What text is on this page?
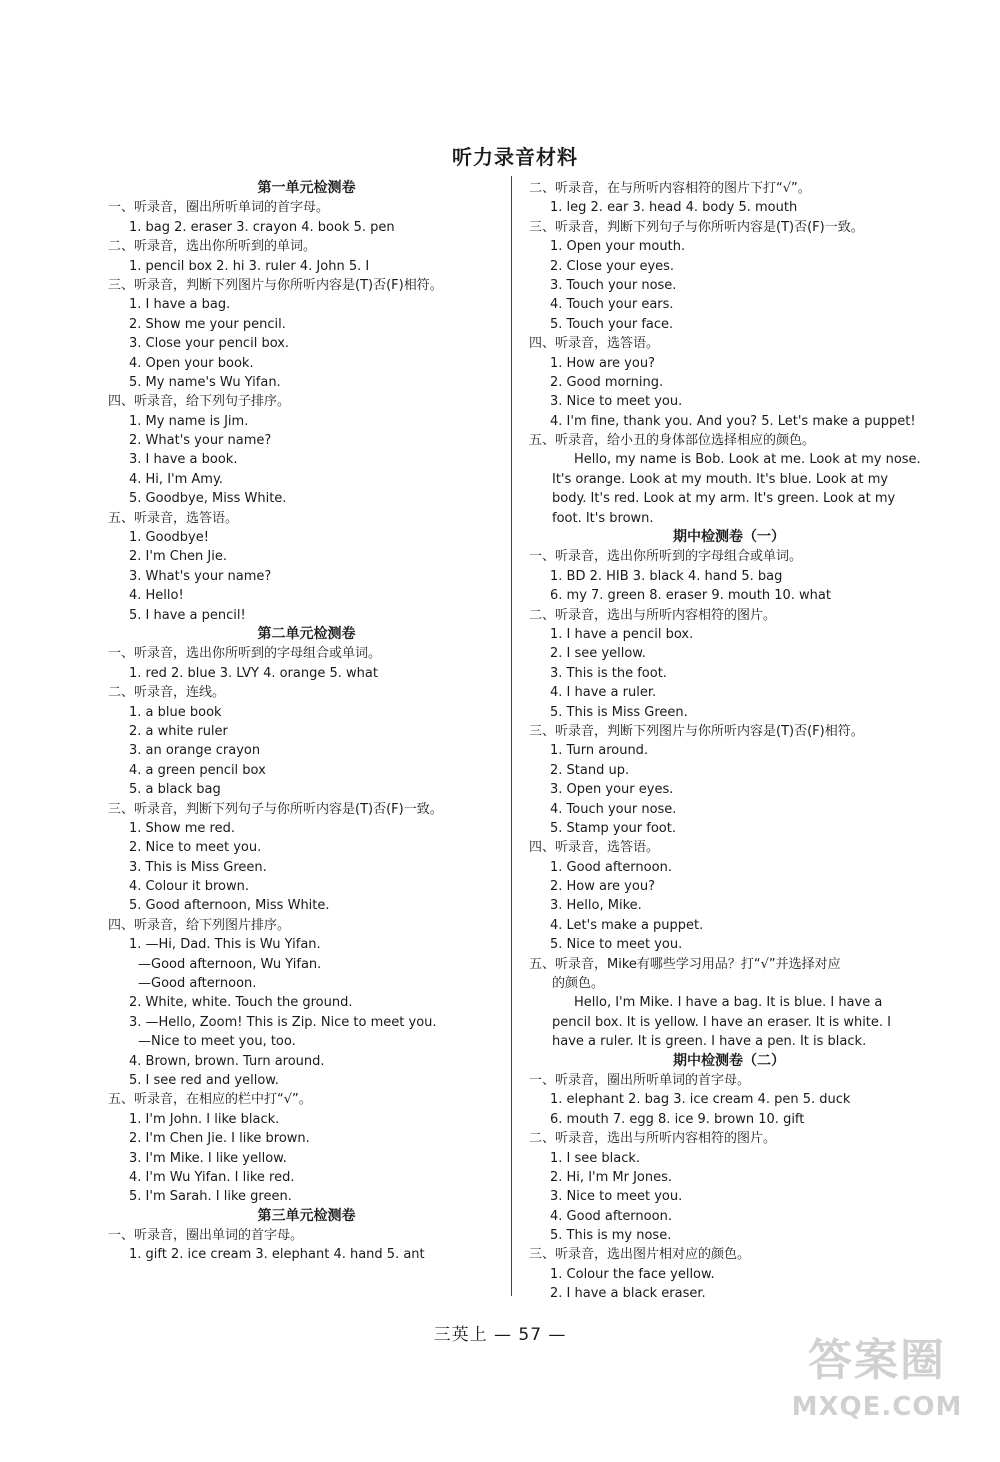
听力录音材料
第一单元检测卷
一、听录音，圈出所听单词的首字母。
1. bag 2. eraser 3. crayon 4. book 5. pen
二、听录音，选出你所听到的单词。
1. pencil box 2. hi 3. ruler 4. John 5. I
三、听录音，判断下列图片与你所听内容是(T)否(F)相符。
1. I have a bag.
2. Show me your pencil.
3. Close your pencil box.
4. Open your book.
5. My name's Wu Yifan.
四、听录音，给下列句子排序。
1. My name is Jim.
2. What's your name?
3. I have a book.
4. Hi, I'm Amy.
5. Goodbye, Miss White.
五、听录音，选答语。
1. Goodbye!
2. I'm Chen Jie.
3. What's your name?
4. Hello!
5. I have a pencil!
第二单元检测卷
一、听录音，选出你所听到的字母组合或单词。
1. red 2. blue 3. LVY 4. orange 5. what
二、听录音，连线。
1. a blue book
2. a white ruler
3. an orange crayon
4. a green pencil box
5. a black bag
三、听录音，判断下列句子与你所听内容是(T)否(F)一致。
1. Show me red.
2. Nice to meet you.
3. This is Miss Green.
4. Colour it brown.
5. Good afternoon, Miss White.
四、听录音，给下列图片排序。
1. —Hi, Dad. This is Wu Yifan.
—Good afternoon, Wu Yifan.
—Good afternoon.
2. White, white. Touch the ground.
3. —Hello, Zoom! This is Zip. Nice to meet you.
—Nice to meet you, too.
4. Brown, brown. Turn around.
5. I see red and yellow.
五、听录音，在相应的栏中打“√”。
1. I'm John. I like black.
2. I'm Chen Jie. I like brown.
3. I'm Mike. I like yellow.
4. I'm Wu Yifan. I like red.
5. I'm Sarah. I like green.
第三单元检测卷
一、听录音，圈出单词的首字母。
1. gift 2. ice cream 3. elephant 4. hand 5. ant
二、听录音，在与所听内容相符的图片下打“√”。
1. leg 2. ear 3. head 4. body 5. mouth
三、听录音，判断下列句子与你所听内容是(T)否(F)一致。
1. Open your mouth.
2. Close your eyes.
3. Touch your nose.
4. Touch your ears.
5. Touch your face.
四、听录音，选答语。
1. How are you?
2. Good morning.
3. Nice to meet you.
4. I'm fine, thank you. And you? 5. Let's make a puppet!
五、听录音，给小丑的身体部位选择相应的颜色。
Hello, my name is Bob. Look at me. Look at my nose.
It's orange. Look at my mouth. It's blue. Look at my
body. It's red. Look at my arm. It's green. Look at my
foot. It's brown.
期中检测卷（一）
一、听录音，选出你所听到的字母组合或单词。
1. BD 2. HIB 3. black 4. hand 5. bag
6. my 7. green 8. eraser 9. mouth 10. what
二、听录音，选出与所听内容相符的图片。
1. I have a pencil box.
2. I see yellow.
3. This is the foot.
4. I have a ruler.
5. This is Miss Green.
三、听录音，判断下列图片与你所听内容是(T)否(F)相符。
1. Turn around.
2. Stand up.
3. Open your eyes.
4. Touch your nose.
5. Stamp your foot.
四、听录音，选答语。
1. Good afternoon.
2. How are you?
3. Hello, Mike.
4. Let's make a puppet.
5. Nice to meet you.
五、听录音，Mike有哪些学习用品？打“√”并选择对应
的颜色。
Hello, I'm Mike. I have a bag. It is blue. I have a
pencil box. It is yellow. I have an eraser. It is white. I
have a ruler. It is green. I have a pen. It is black.
期中检测卷（二）
一、听录音，圈出所听单词的首字母。
1. elephant 2. bag 3. ice cream 4. pen 5. duck
6. mouth 7. egg 8. ice 9. brown 10. gift
二、听录音，选出与所听内容相符的图片。
1. I see black.
2. Hi, I'm Mr Jones.
3. Nice to meet you.
4. Good afternoon.
5. This is my nose.
三、听录音，选出图片相对应的颜色。
1. Colour the face yellow.
2. I have a black eraser.
三英上 — 57 —	答案圈
MXQE.COM
